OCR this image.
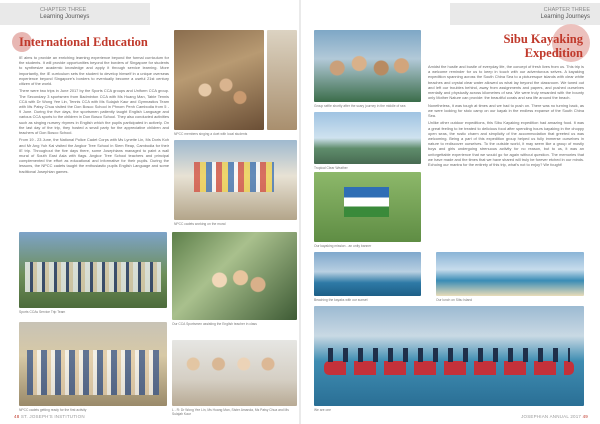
CHAPTER THREE
Learning Journeys
International Education

IE aims to provide an enriching learning experience beyond the formal curriculum for the students. It will provide opportunities beyond the borders of Singapore for students to synthesize academic knowledge and apply it through service learning. More importantly, the IE curriculum sets the student to develop himself in a unique overseas experience beyond Singapore's borders to eventually become a useful 21st century citizen of the world.

There were two trips in June 2017 by the Sports CCA groups and Uniform CCA group. The Secondary 3 sportsmen from Badminton CCA with Ms Huang Man, Table Tennis CCA with Dr Wong Yee Lin, Tennis CCA with Ms Sulajah Kaur and Gymnastics Team with Ms Patsy Chua visited the Don Bosco School in Phnom Penh Cambodia from 5 - 9 June. During the five days, the sportsmen patiently taught English Language and various CCA sports to the children in Don Bosco School. They also conducted activities such as singing nursery rhymes in English which the pupils participated in actively. On the last day of the trip, they hosted a small party for the appreciative children and teachers of Don Bosco School.

From 19 - 23 June, the National Police Cadet Corps with Ms Lynette Lin, Ms Doris Koh and Mr Ang Yuh Kai visited the Angkor Tree School in Siem Reap, Cambodia for their IE trip. Throughout the five days there, some Josephians managed to paint a wall mural of South East Asia with flags. Angkor Tree School teachers and principal complemented the effort as educational and informative for their pupils. During the lessons, the NPCC cadets taught the enthusiastic pupils English Language and some traditional Josephian games.

NPCC members singing a duet with local students
NPCC cadets working on the mural
Sports CCAs Service Trip Team
Our CCA Sportsmen assisting the English teacher in class
NPCC cadets getting ready for the first activity	L - R: Dr Wong Yee Lin, Ms Huang Man, Sister Amanda, Ms Patsy Chua and Ms Sulajah Kaur
48 ST. JOSEPH'S INSTITUTION
CHAPTER THREE
Learning Journeys
Sibu Kayaking
Expedition

Amidst the hustle and bustle of everyday life, the concept of fresh lives from us. This trip is a welcome reminder for us to keep in touch with our adventurous selves. A kayaking expedition spanning across the South China Sea to a picturesque islands with clear white beaches and crystal clear water allowed us what lay beyond the classroom. We tuned out and left our troubles behind, away from assignments and papers, and pushed ourselves mentally and physically across kilometres of sea. We were truly rewarded with the bounty only Mother Nature can provide: the beautiful corals and sea life around the beach.

Nonetheless, it was tough at times and we had to push on. There was no turning back, as we were looking for stoic camp on our kayak in the endless expanse of the South China Sea.

Unlike other outdoor expeditions, this Sibu Kayaking expedition had amazing food. It was a great feeling to be treated to delicious food after spending hours kayaking in the choppy open seas, the rustic charm and simplicity of the accommodation that greeted us was welcoming. Being a part of this expedition group helped us fully immerse ourselves in nature to rediscover ourselves. To the outside world, it may seem like a group of mostly boys and girls undergoing strenuous activity for no reason, but to us, it was an unforgettable experience that we would go for again without question. The memories that we have made and the times that we have shared will truly be forever etched in our minds. Echoing our mantra for the entirety of this trip, what's not to enjoy? We fought!

Group selfie shortly after the scary journey in the middle of sea
Tropical Clear Weather
Our kayaking mission - an unity banner
Beaching the kayaks with our sunset	Our lunch on Sibu Island
We are one
JOSEPHIAN ANNUAL 2017 49
